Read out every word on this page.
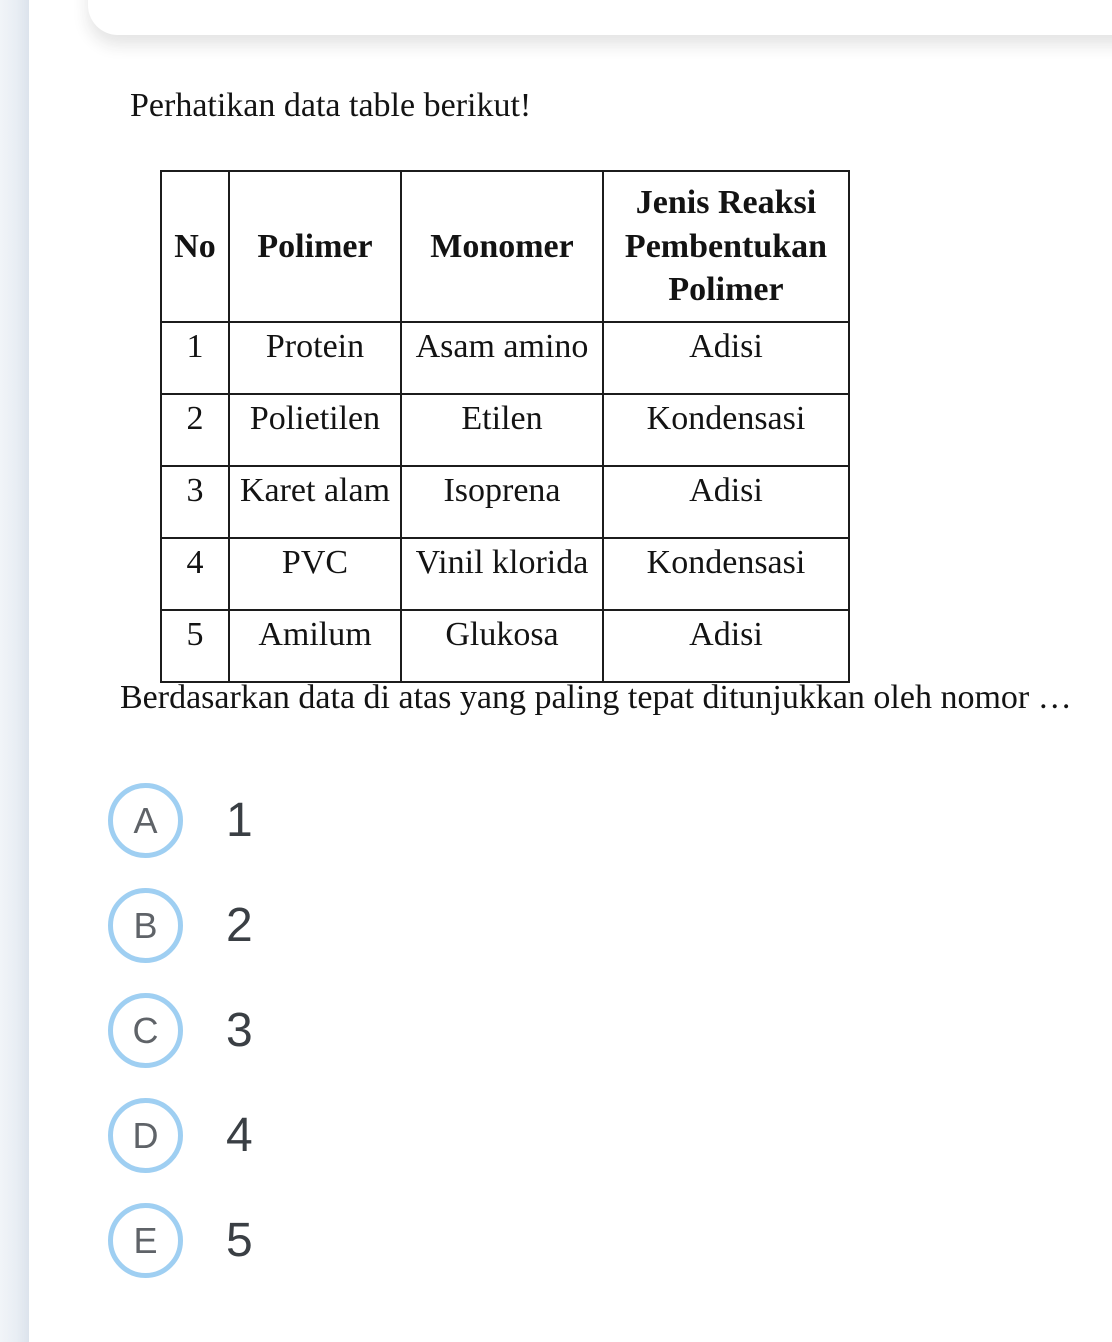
Perhatikan data table berikut!
No	Polimer	Monomer	Jenis Reaksi Pembentukan Polimer
1	Protein	Asam amino	Adisi
2	Polietilen	Etilen	Kondensasi
3	Karet alam	Isoprena	Adisi
4	PVC	Vinil klorida	Kondensasi
5	Amilum	Glukosa	Adisi
Berdasarkan data di atas yang paling tepat ditunjukkan oleh nomor …
A	1
B	2
C	3
D	4
E	5
